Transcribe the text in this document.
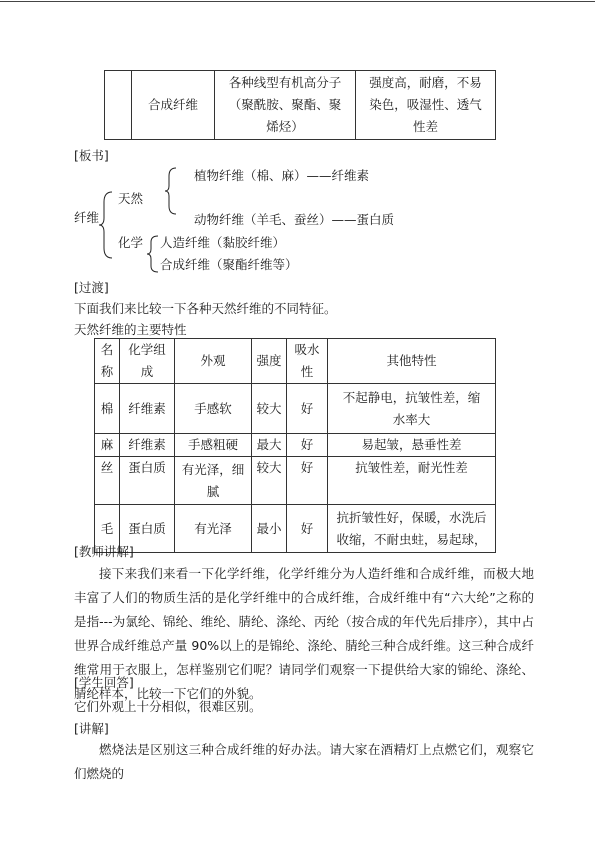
	合成纤维	各种线型有机高分子（聚酰胺、聚酯、聚烯烃）	强度高，耐磨，不易染色，吸湿性、透气性差
[板书]
纤维
天然
植物纤维（棉、麻）——纤维素
动物纤维（羊毛、蚕丝）——蛋白质
化学 人造纤维（黏胶纤维）
合成纤维（聚酯纤维等）
[过渡]
下面我们来比较一下各种天然纤维的不同特征。
天然纤维的主要特性
名称	化学组成	外观	强度	吸水性	其他特性
棉	纤维素	手感软	较大	好	不起静电，抗皱性差，缩水率大
麻	纤维素	手感粗硬	最大	好	易起皱，悬垂性差
丝	蛋白质	有光泽，细腻	较大	好	抗皱性差，耐光性差
毛	蛋白质	有光泽	最小	好	抗折皱性好，保暖，水洗后收缩，不耐虫蛀，易起球，
[教师讲解]
接下来我们来看一下化学纤维，化学纤维分为人造纤维和合成纤维，而极大地丰富了人们的物质生活的是化学纤维中的合成纤维，合成纤维中有“六大纶”之称的是指---为氯纶、锦纶、维纶、腈纶、涤纶、丙纶（按合成的年代先后排序），其中占世界合成纤维总产量 90%以上的是锦纶、涤纶、腈纶三种合成纤维。这三种合成纤维常用于衣服上，怎样鉴别它们呢？请同学们观察一下提供给大家的锦纶、涤纶、腈纶样本，比较一下它们的外貌。
[学生回答]
它们外观上十分相似，很难区别。
[讲解]
燃烧法是区别这三种合成纤维的好办法。请大家在酒精灯上点燃它们，观察它们燃烧的
